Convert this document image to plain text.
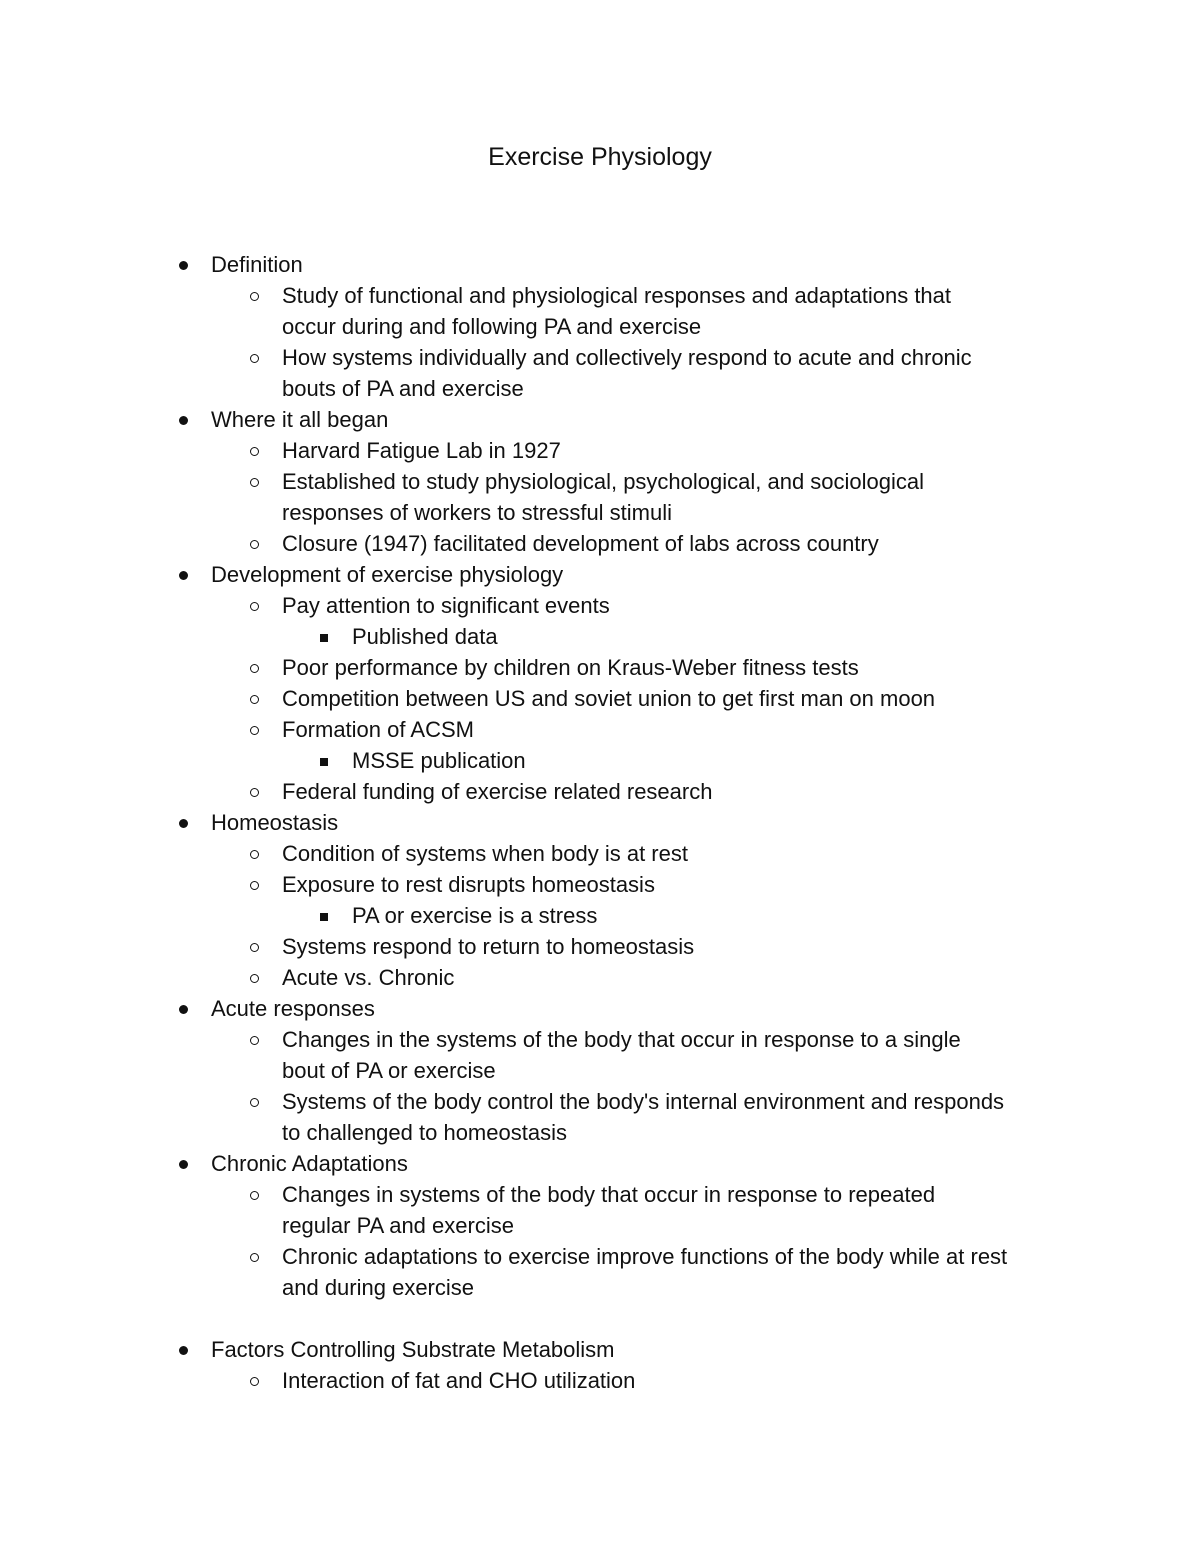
Exercise Physiology
Definition
Study of functional and physiological responses and adaptations that
occur during and following PA and exercise
How systems individually and collectively respond to acute and chronic
bouts of PA and exercise
Where it all began
Harvard Fatigue Lab in 1927
Established to study physiological, psychological, and sociological
responses of workers to stressful stimuli
Closure (1947) facilitated development of labs across country
Development of exercise physiology
Pay attention to significant events
Published data
Poor performance by children on Kraus-Weber fitness tests
Competition between US and soviet union to get first man on moon
Formation of ACSM
MSSE publication
Federal funding of exercise related research
Homeostasis
Condition of systems when body is at rest
Exposure to rest disrupts homeostasis
PA or exercise is a stress
Systems respond to return to homeostasis
Acute vs. Chronic
Acute responses
Changes in the systems of the body that occur in response to a single
bout of PA or exercise
Systems of the body control the body's internal environment and responds
to challenged to homeostasis
Chronic Adaptations
Changes in systems of the body that occur in response to repeated
regular PA and exercise
Chronic adaptations to exercise improve functions of the body while at rest
and during exercise
Factors Controlling Substrate Metabolism
Interaction of fat and CHO utilization
